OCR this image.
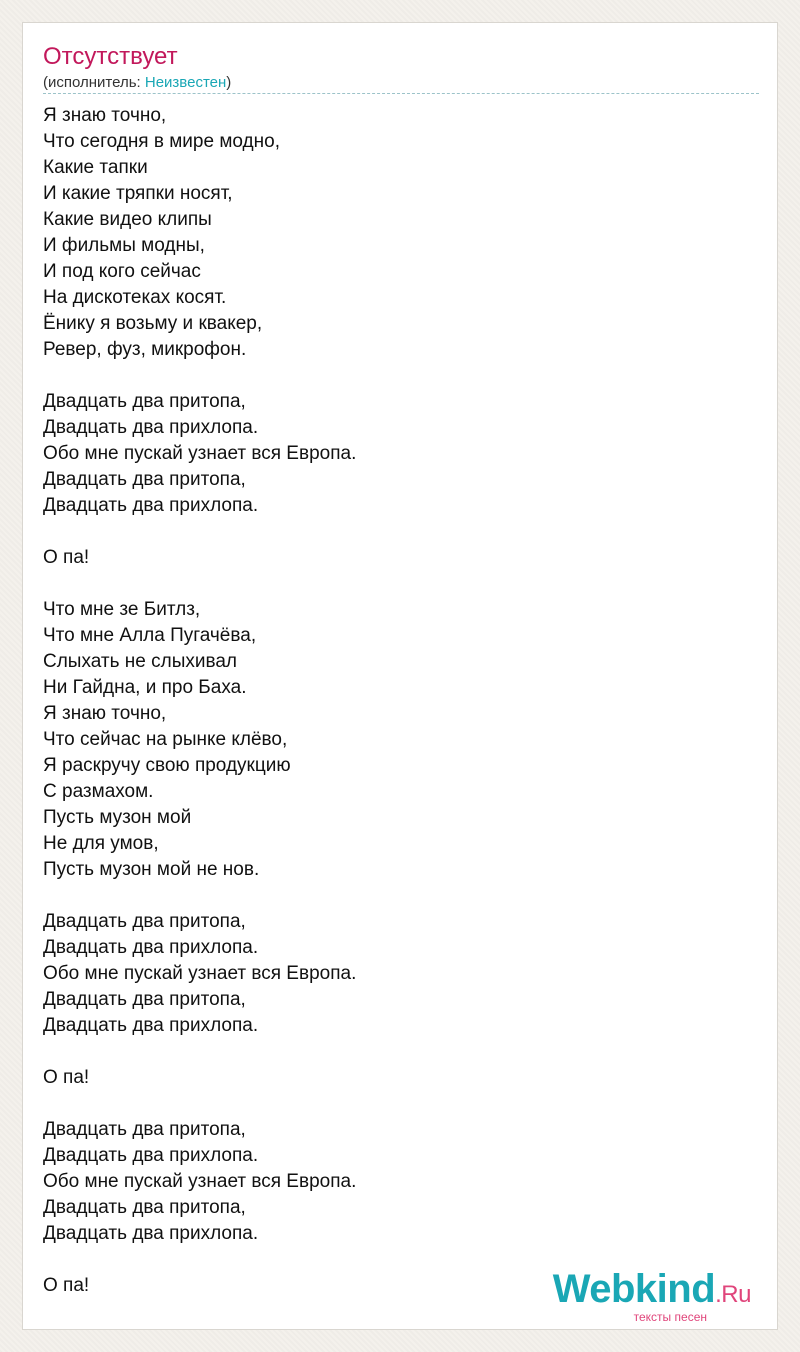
Отсутствует
(исполнитель: Неизвестен)
Я знаю точно,
Что сегодня в мире модно,
Какие тапки
И какие тряпки носят,
Какие видео клипы
И фильмы модны,
И под кого сейчас
На дискотеках косят.
Ёнику я возьму и квакер,
Ревер, фуз, микрофон.
Двадцать два притопа,
Двадцать два прихлопа.
Обо мне пускай узнает вся Европа.
Двадцать два притопа,
Двадцать два прихлопа.
О па!
Что мне зе Битлз,
Что мне Алла Пугачёва,
Слыхать не слыхивал
Ни Гайдна, и про Баха.
Я знаю точно,
Что сейчас на рынке клёво,
Я раскручу свою продукцию
С размахом.
Пусть музон мой
Не для умов,
Пусть музон мой не нов.
Двадцать два притопа,
Двадцать два прихлопа.
Обо мне пускай узнает вся Европа.
Двадцать два притопа,
Двадцать два прихлопа.
О па!
Двадцать два притопа,
Двадцать два прихлопа.
Обо мне пускай узнает вся Европа.
Двадцать два притопа,
Двадцать два прихлопа.
О па!	Webkind.Ru
тексты песен
